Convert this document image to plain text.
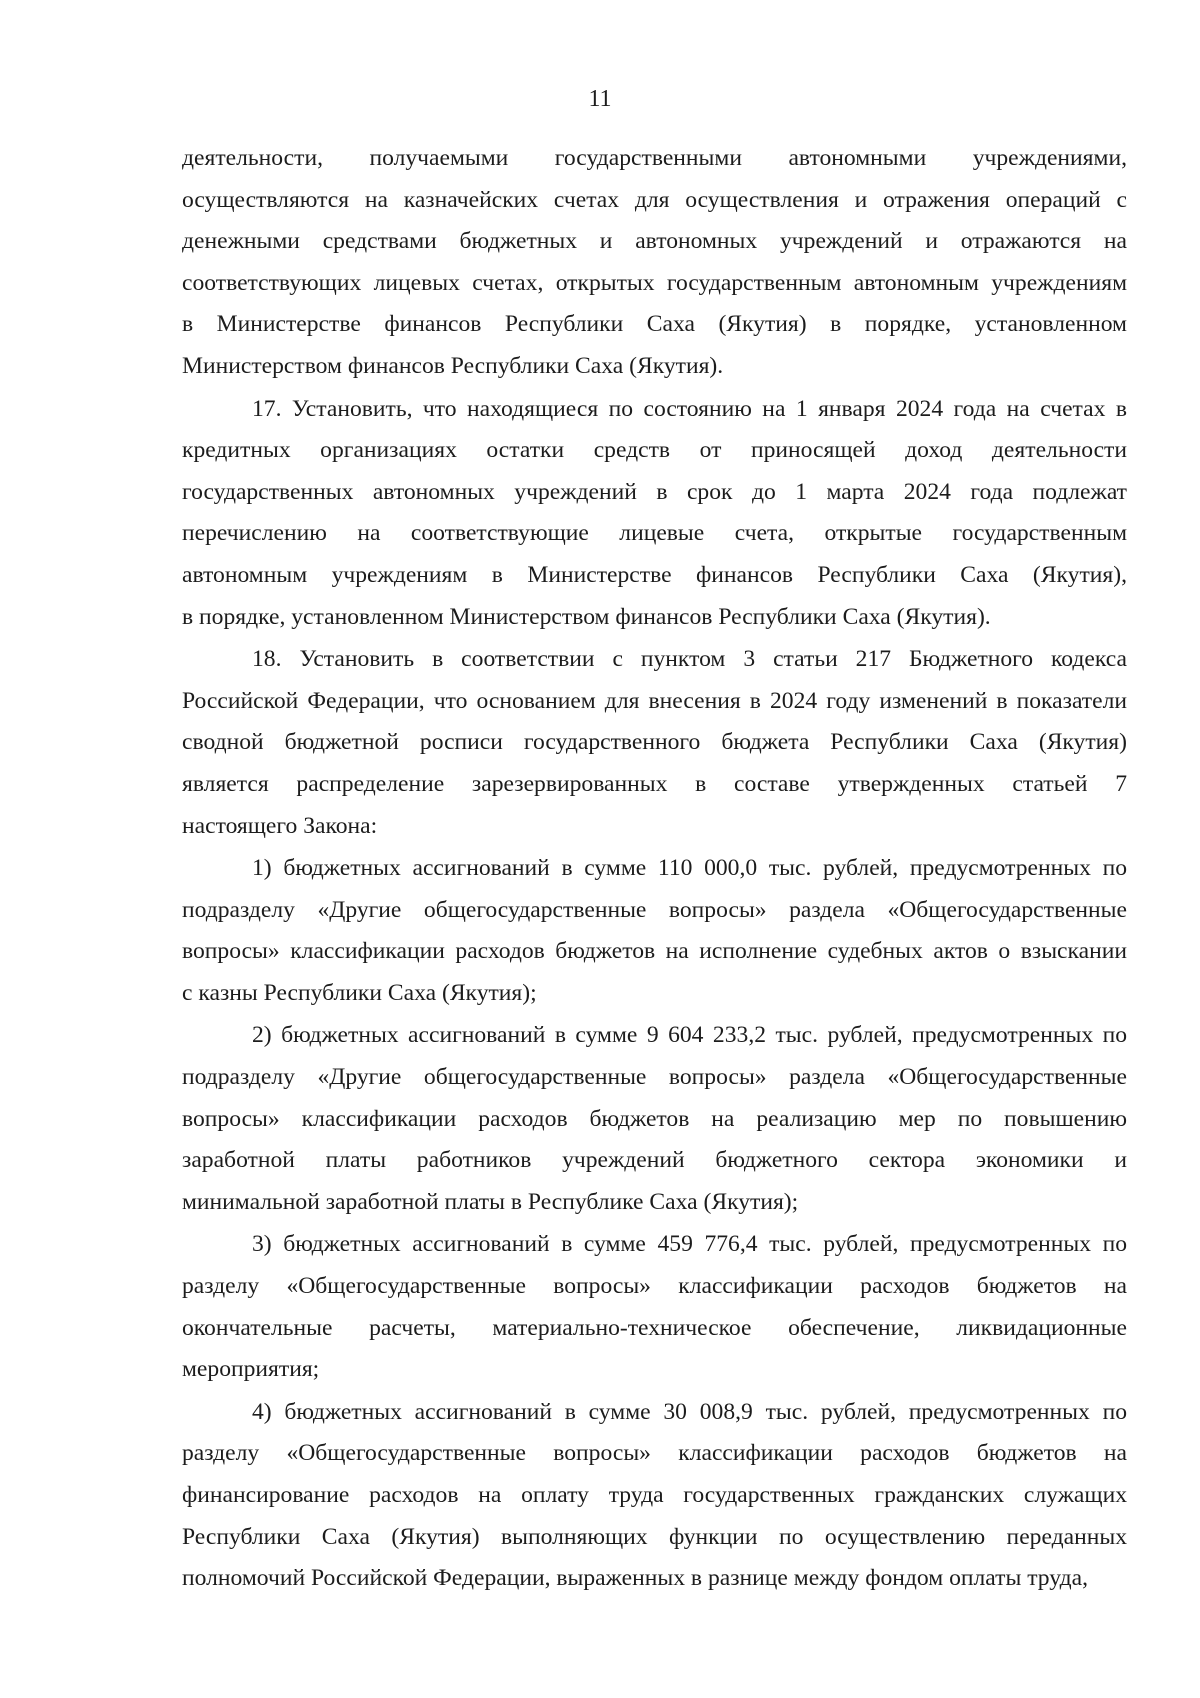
11

деятельности, получаемыми государственными автономными учреждениями,
осуществляются на казначейских счетах для осуществления и отражения операций с
денежными средствами бюджетных и автономных учреждений и отражаются на
соответствующих лицевых счетах, открытых государственным автономным учреждениям
в Министерстве финансов Республики Саха (Якутия) в порядке, установленном
Министерством финансов Республики Саха (Якутия).

17. Установить, что находящиеся по состоянию на 1 января 2024 года на счетах в
кредитных организациях остатки средств от приносящей доход деятельности
государственных автономных учреждений в срок до 1 марта 2024 года подлежат
перечислению на соответствующие лицевые счета, открытые государственным
автономным учреждениям в Министерстве финансов Республики Саха (Якутия),
в порядке, установленном Министерством финансов Республики Саха (Якутия).

18. Установить в соответствии с пунктом 3 статьи 217 Бюджетного кодекса
Российской Федерации, что основанием для внесения в 2024 году изменений в показатели
сводной бюджетной росписи государственного бюджета Республики Саха (Якутия)
является распределение зарезервированных в составе утвержденных статьей 7
настоящего Закона:

1) бюджетных ассигнований в сумме 110 000,0 тыс. рублей, предусмотренных по
подразделу «Другие общегосударственные вопросы» раздела «Общегосударственные
вопросы» классификации расходов бюджетов на исполнение судебных актов о взыскании
с казны Республики Саха (Якутия);

2) бюджетных ассигнований в сумме 9 604 233,2 тыс. рублей, предусмотренных по
подразделу «Другие общегосударственные вопросы» раздела «Общегосударственные
вопросы» классификации расходов бюджетов на реализацию мер по повышению
заработной платы работников учреждений бюджетного сектора экономики и
минимальной заработной платы в Республике Саха (Якутия);

3) бюджетных ассигнований в сумме 459 776,4 тыс. рублей, предусмотренных по
разделу «Общегосударственные вопросы» классификации расходов бюджетов на
окончательные расчеты, материально-техническое обеспечение, ликвидационные
мероприятия;

4) бюджетных ассигнований в сумме 30 008,9 тыс. рублей, предусмотренных по
разделу «Общегосударственные вопросы» классификации расходов бюджетов на
финансирование расходов на оплату труда государственных гражданских служащих
Республики Саха (Якутия) выполняющих функции по осуществлению переданных
полномочий Российской Федерации, выраженных в разнице между фондом оплаты труда,
